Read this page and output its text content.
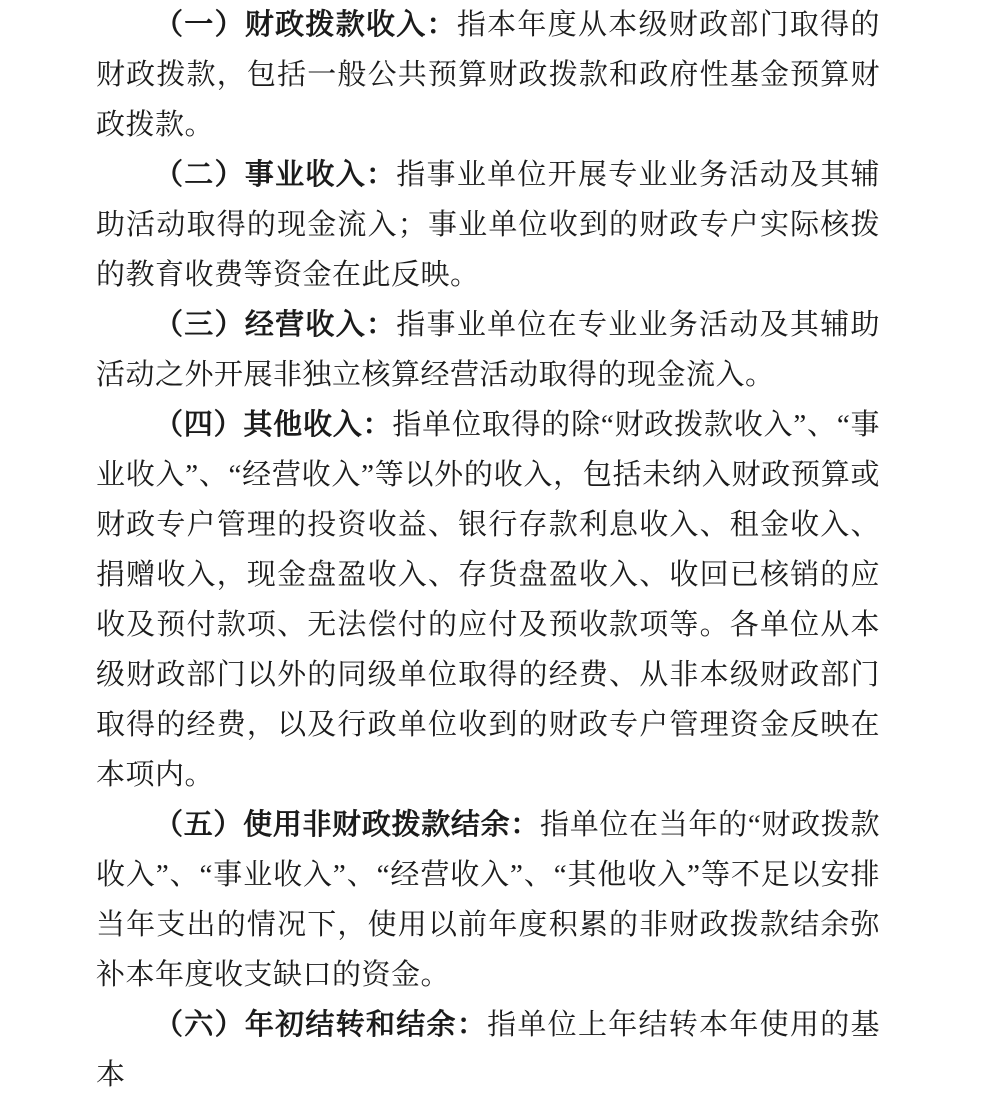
（一）财政拨款收入：指本年度从本级财政部门取得的财政拨款，包括一般公共预算财政拨款和政府性基金预算财政拨款。

（二）事业收入：指事业单位开展专业业务活动及其辅助活动取得的现金流入；事业单位收到的财政专户实际核拨的教育收费等资金在此反映。

（三）经营收入：指事业单位在专业业务活动及其辅助活动之外开展非独立核算经营活动取得的现金流入。

（四）其他收入：指单位取得的除“财政拨款收入”、“事业收入”、“经营收入”等以外的收入，包括未纳入财政预算或财政专户管理的投资收益、银行存款利息收入、租金收入、捐赠收入，现金盘盈收入、存货盘盈收入、收回已核销的应收及预付款项、无法偿付的应付及预收款项等。各单位从本级财政部门以外的同级单位取得的经费、从非本级财政部门取得的经费，以及行政单位收到的财政专户管理资金反映在本项内。

（五）使用非财政拨款结余：指单位在当年的“财政拨款收入”、“事业收入”、“经营收入”、“其他收入”等不足以安排当年支出的情况下，使用以前年度积累的非财政拨款结余弥补本年度收支缺口的资金。

（六）年初结转和结余：指单位上年结转本年使用的基本
